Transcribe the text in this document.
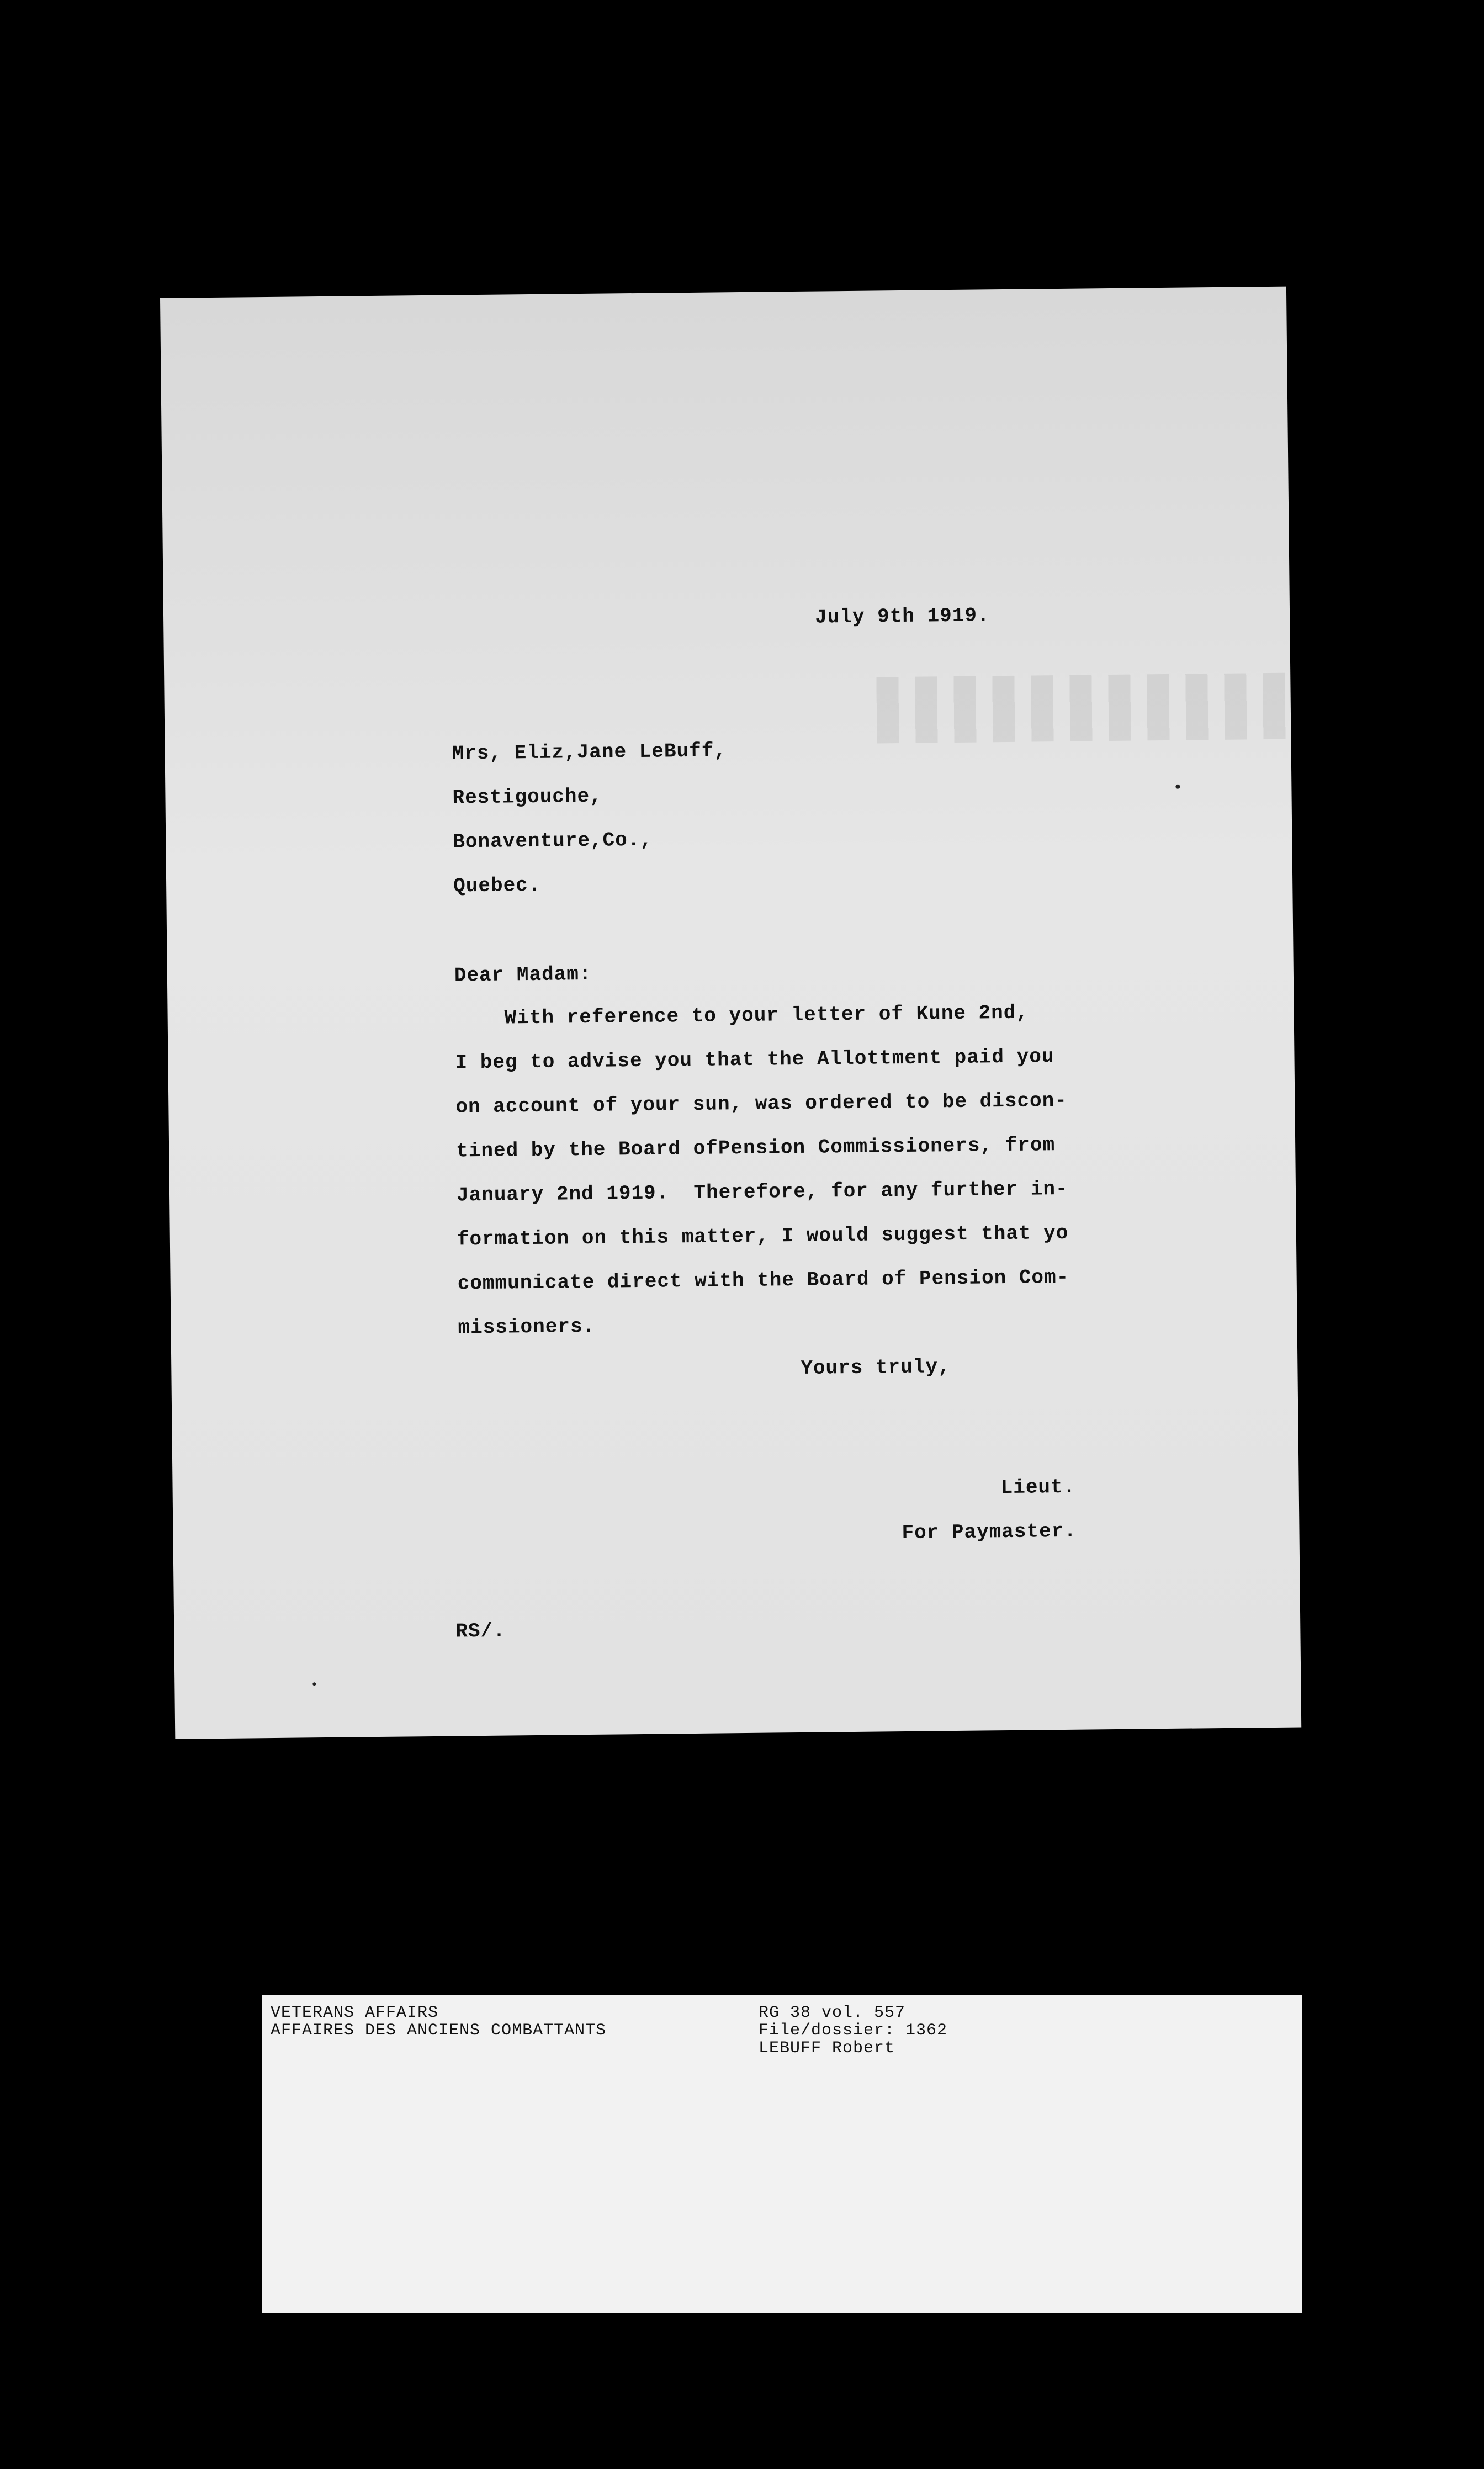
July 9th 1919.
Mrs, Eliz,Jane LeBuff,
Restigouche,
Bonaventure,Co.,
Quebec.
Dear Madam:
With reference to your letter of Kune 2nd,
I beg to advise you that the Allottment paid you
on account of your sun, was ordered to be discon-
tined by the Board ofPension Commissioners, from
January 2nd 1919.  Therefore, for any further in-
formation on this matter, I would suggest that yo
communicate direct with the Board of Pension Com-
missioners.
Yours truly,
Lieut.
For Paymaster.
RS/.
VETERANS AFFAIRS
AFFAIRES DES ANCIENS COMBATTANTS
RG 38 vol. 557
File/dossier: 1362
LEBUFF Robert
